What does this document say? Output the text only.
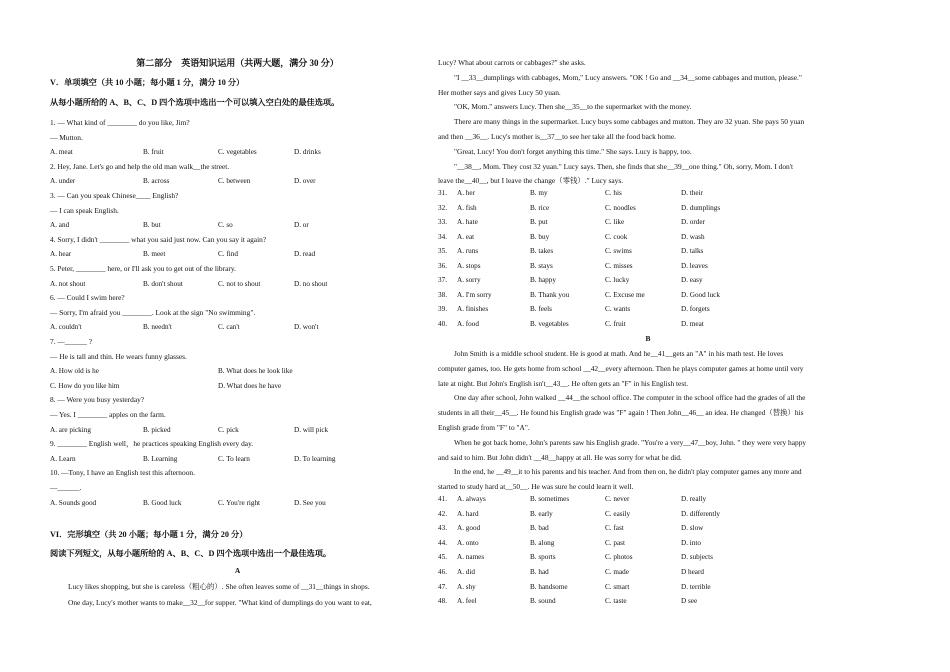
第二部分　英语知识运用（共两大题，满分 30 分）
V．单项填空（共 10 小题；每小题 1 分，满分 10 分）
从每小题所给的 A、B、C、D 四个选项中选出一个可以填入空白处的最佳选项。
1. — What kind of ________ do you like, Jim?
— Mutton.
A. meat	B. fruit	C. vegetables	D. drinks
2. Hey, Jane. Let's go and help the old man walk__the street.
A. under	B. across	C. between	D. over
3. — Can you speak Chinese____ English?
— I can speak English.
A. and	B. but	C. so	D. or
4. Sorry, I didn't ________ what you said just now. Can you say it again?
A. hear	B. meet	C. find	D. read
5. Peter, ________ here, or I'll ask you to get out of the library.
A. not shout	B. don't shout	C. not to shout	D. no shout
6. — Could I swim here?
— Sorry, I'm afraid you ________. Look at the sign "No swimming".
A. couldn't	B. needn't	C. can't	D. won't
7. —______ ?
— He is tall and thin. He wears funny glasses.
A. How old is he	B. What does he look like
C. How do you like him	D. What does he have
8. — Were you busy yesterday?
— Yes. I ________ apples on the farm.
A. are picking	B. picked	C. pick	D. will pick
9. ________ English well，he practices speaking English every day.
A. Learn	B. Learning	C. To learn	D. To learning
10. —Tony, I have an English test this afternoon.
—______.
A. Sounds good	B. Good luck	C. You're right	D. See you
VI．完形填空（共 20 小题；每小题 1 分，满分 20 分）
阅读下列短文，从每小题所给的 A、B、C、D 四个选项中选出一个最佳选项。
A
Lucy likes shopping, but she is careless（粗心的）. She often leaves some of __31__things in shops.
One day, Lucy's mother wants to make__32__for supper. "What kind of dumplings do you want to eat,
Lucy? What about carrots or cabbages?" she asks.
"I __33__dumplings with cabbages, Mom," Lucy answers. "OK ! Go and __34__some cabbages and mutton, please."
Her mother says and gives Lucy 50 yuan.
"OK, Mom." answers Lucy. Then she__35__to the supermarket with the money.
There are many things in the supermarket. Lucy buys some cabbages and mutton. They are 32 yuan. She pays 50 yuan
and then __36__. Lucy's mother is__37__to see her take all the food back home.
"Great, Lucy! You don't forget anything this time." She says. Lucy is happy, too.
"__38__, Mom. They cost 32 yuan." Lucy says. Then, she finds that she__39__one thing." Oh, sorry, Mom. I don't
leave the__40__, but I leave the change（零钱）." Lucy says.
31. A. her	B. my	C. his	D. their
32. A. fish	B. rice	C. noodles	D. dumplings
33. A. hate	B. put	C. like	D. order
34. A. eat	B. buy	C. cook	D. wash
35. A. runs	B. takes	C. swims	D. talks
36. A. stops	B. stays	C. misses	D. leaves
37. A. sorry	B. happy	C. lucky	D. easy
38. A. I'm sorry	B. Thank you	C. Excuse me	D. Good luck
39. A. finishes	B. feels	C. wants	D. forgets
40. A. food	B. vegetables	C. fruit	D. meat
B
John Smith is a middle school student. He is good at math. And he__41__gets an "A" in his math test. He loves
computer games, too. He gets home from school __42__every afternoon. Then he plays computer games at home until very
late at night. But John's English isn't__43__. He often gets an "F" in his English test.
One day after school, John walked __44__the school office. The computer in the school office had the grades of all the
students in all their__45__. He found his English grade was "F" again ! Then John__46__ an idea. He changed（替换）his
English grade from "F" to "A".
When he got back home, John's parents saw his English grade. "You're a very__47__boy, John. " they were very happy
and said to him. But John didn't __48__happy at all. He was sorry for what he did.
In the end, he __49__it to his parents and his teacher. And from then on, he didn't play computer games any more and
started to study hard at__50__. He was sure he could learn it well.
41. A. always	B. sometimes	C. never	D. really
42. A. hard	B. early	C. easily	D. differently
43. A. good	B. bad	C. fast	D. slow
44. A. onto	B. along	C. past	D. into
45. A. names	B. sports	C. photos	D. subjects
46. A. did	B. had	C. made	D heard
47. A. shy	B. handsome	C. smart	D. terrible
48. A. feel	B. sound	C. taste	D see
